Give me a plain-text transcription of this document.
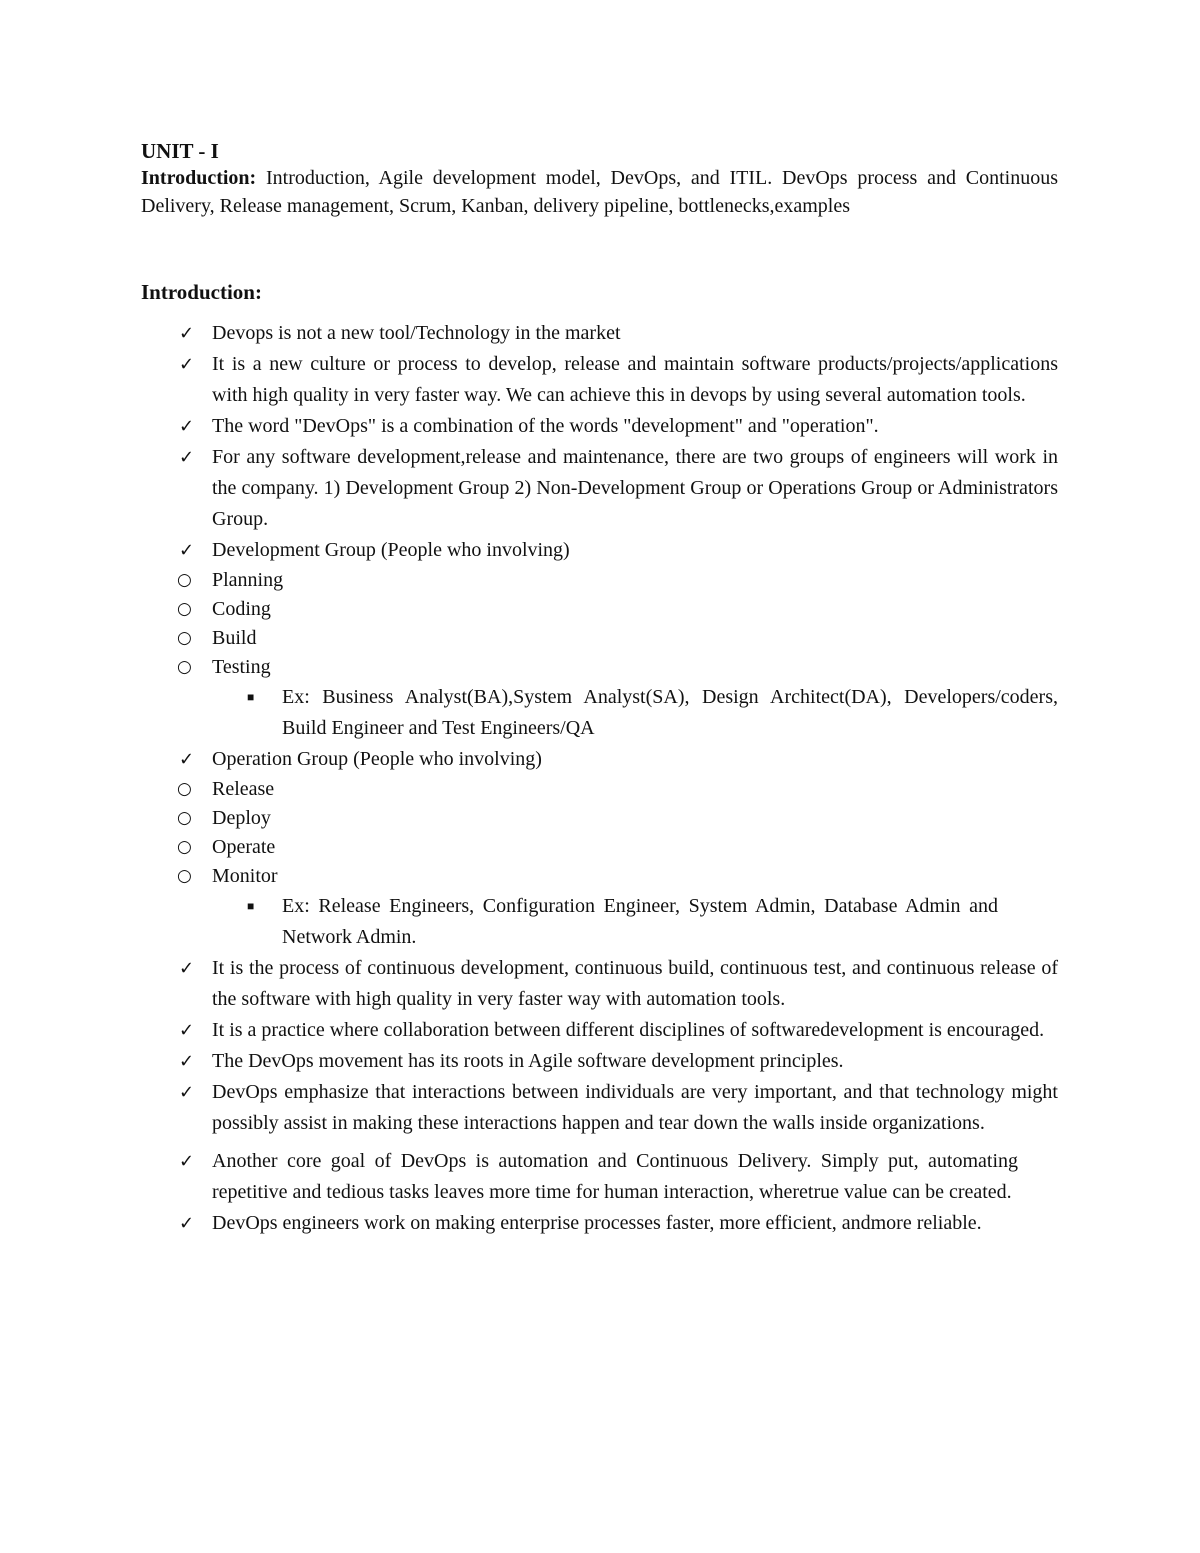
UNIT - I

Introduction: Introduction, Agile development model, DevOps, and ITIL. DevOps process and Continuous Delivery, Release management, Scrum, Kanban, delivery pipeline, bottlenecks,examples

Introduction:

✓ Devops is not a new tool/Technology in the market
✓ It is a new culture or process to develop, release and maintain software products/projects/applications with high quality in very faster way. We can achieve this in devops by using several automation tools.
✓ The word "DevOps" is a combination of the words "development" and "operation".
✓ For any software development,release and maintenance, there are two groups of engineers will work in the company. 1) Development Group 2) Non-Development Group or Operations Group or Administrators Group.
✓ Development Group (People who involving)
○ Planning
○ Coding
○ Build
○ Testing
■ Ex: Business Analyst(BA),System Analyst(SA), Design Architect(DA), Developers/coders, Build Engineer and Test Engineers/QA
✓ Operation Group (People who involving)
○ Release
○ Deploy
○ Operate
○ Monitor
■ Ex: Release Engineers, Configuration Engineer, System Admin, Database Admin and Network Admin.
✓ It is the process of continuous development, continuous build, continuous test, and continuous release of the software with high quality in very faster way with automation tools.
✓ It is a practice where collaboration between different disciplines of softwaredevelopment is encouraged.
✓ The DevOps movement has its roots in Agile software development principles.
✓ DevOps emphasize that interactions between individuals are very important, and that technology might possibly assist in making these interactions happen and tear down the walls inside organizations.
✓ Another core goal of DevOps is automation and Continuous Delivery. Simply put, automating repetitive and tedious tasks leaves more time for human interaction, wheretrue value can be created.
✓ DevOps engineers work on making enterprise processes faster, more efficient, andmore reliable.
